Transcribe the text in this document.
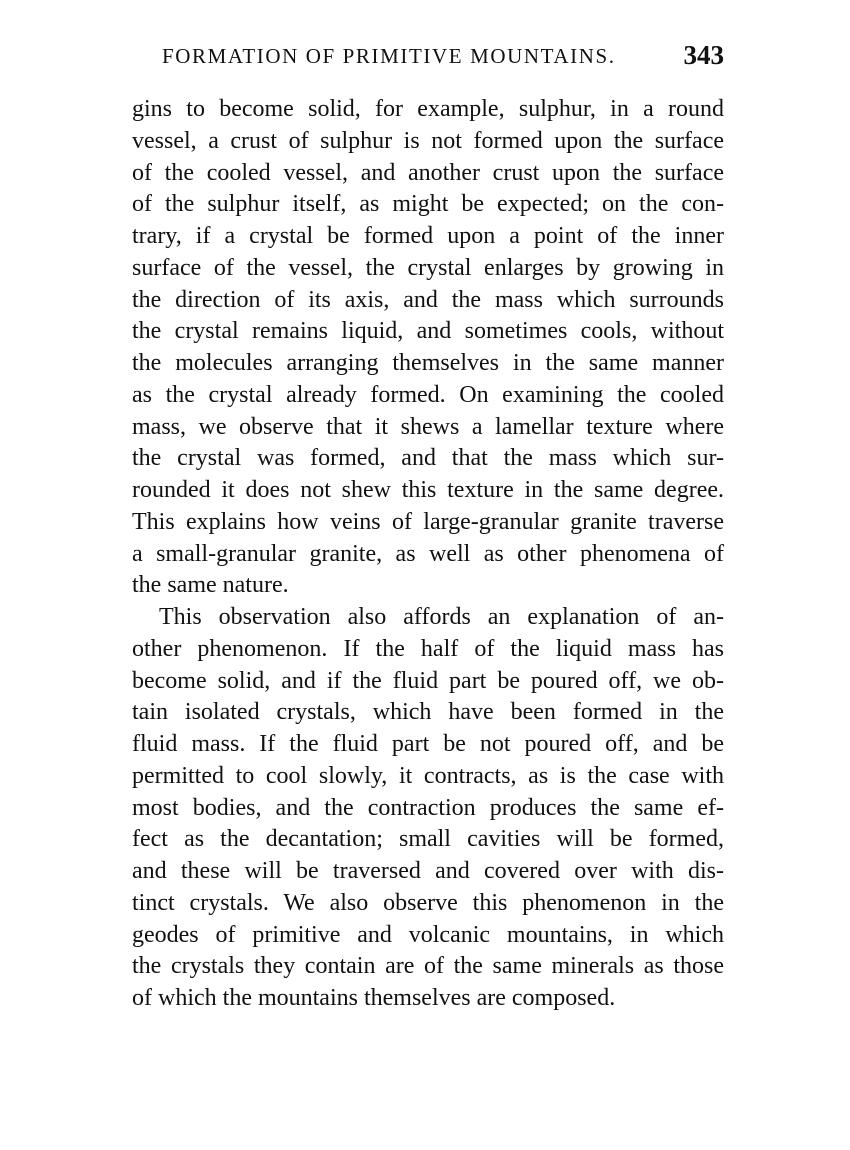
FORMATION OF PRIMITIVE MOUNTAINS.	343
gins to become solid, for example, sulphur, in a round
vessel, a crust of sulphur is not formed upon the surface
of the cooled vessel, and another crust upon the surface
of the sulphur itself, as might be expected; on the con-
trary, if a crystal be formed upon a point of the inner
surface of the vessel, the crystal enlarges by growing in
the direction of its axis, and the mass which surrounds
the crystal remains liquid, and sometimes cools, without
the molecules arranging themselves in the same manner
as the crystal already formed. On examining the cooled
mass, we observe that it shews a lamellar texture where
the crystal was formed, and that the mass which sur-
rounded it does not shew this texture in the same degree.
This explains how veins of large-granular granite traverse
a small-granular granite, as well as other phenomena of
the same nature.
This observation also affords an explanation of an-
other phenomenon. If the half of the liquid mass has
become solid, and if the fluid part be poured off, we ob-
tain isolated crystals, which have been formed in the
fluid mass. If the fluid part be not poured off, and be
permitted to cool slowly, it contracts, as is the case with
most bodies, and the contraction produces the same ef-
fect as the decantation; small cavities will be formed,
and these will be traversed and covered over with dis-
tinct crystals. We also observe this phenomenon in the
geodes of primitive and volcanic mountains, in which
the crystals they contain are of the same minerals as those
of which the mountains themselves are composed.
